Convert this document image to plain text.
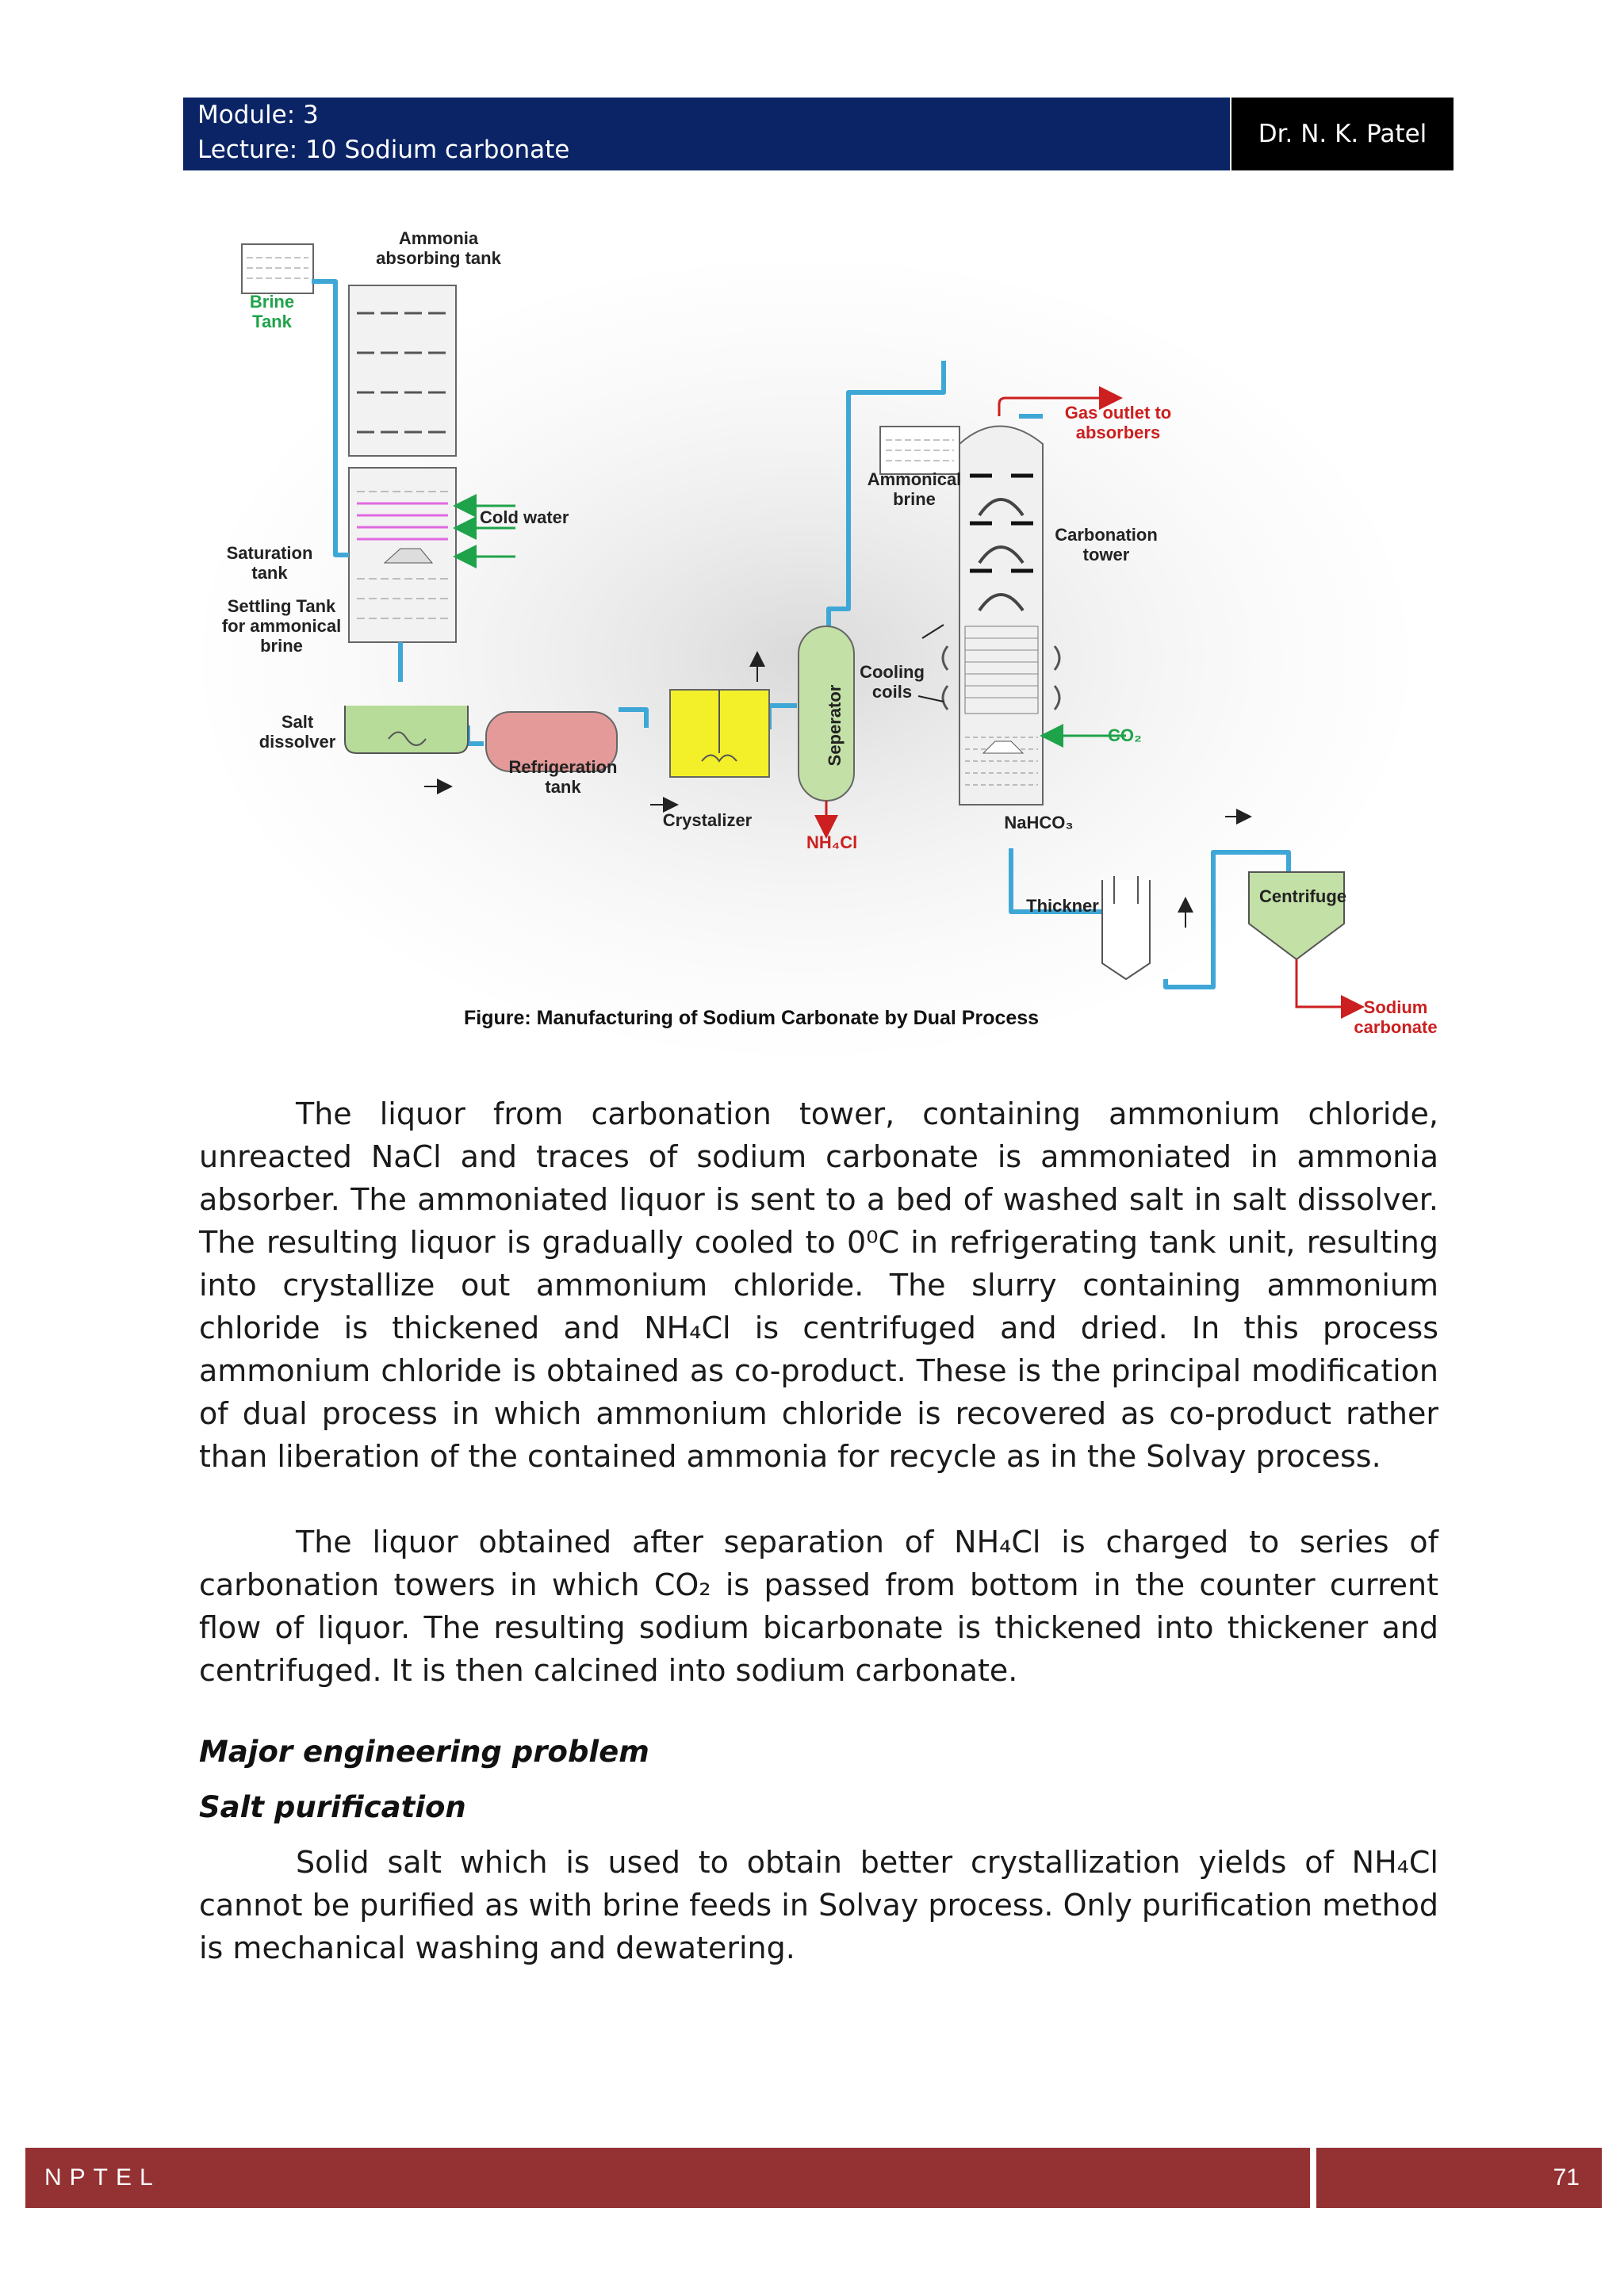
Module: 3
Lecture: 10 Sodium carbonate
Dr. N. K. Patel
Ammonia
absorbing tank
Brine
Tank
Cold water
Saturation
tank
Settling Tank
for ammonical
brine
Salt
dissolver
Refrigeration
tank
Crystalizer
Seperator
NH₄Cl
Ammonical
brine
Gas outlet to
absorbers
Carbonation
tower
Cooling
coils
CO₂
NaHCO₃
Thickner	Centrifuge
Sodium
carbonate
Figure: Manufacturing of Sodium Carbonate by Dual Process

The liquor from carbonation tower, containing ammonium chloride, unreacted NaCl and traces of sodium carbonate is ammoniated in ammonia absorber. The ammoniated liquor is sent to a bed of washed salt in salt dissolver. The resulting liquor is gradually cooled to 0⁰C in refrigerating tank unit, resulting into crystallize out ammonium chloride. The slurry containing ammonium chloride is thickened and NH₄Cl is centrifuged and dried. In this process ammonium chloride is obtained as co-product. These is the principal modification of dual process in which ammonium chloride is recovered as co-product rather than liberation of the contained ammonia for recycle as in the Solvay process.

The liquor obtained after separation of NH₄Cl is charged to series of carbonation towers in which CO₂ is passed from bottom in the counter current flow of liquor. The resulting sodium bicarbonate is thickened into thickener and centrifuged. It is then calcined into sodium carbonate.

Major engineering problem
Salt purification

Solid salt which is used to obtain better crystallization yields of NH₄Cl cannot be purified as with brine feeds in Solvay process. Only purification method is mechanical washing and dewatering.

NPTEL	71
